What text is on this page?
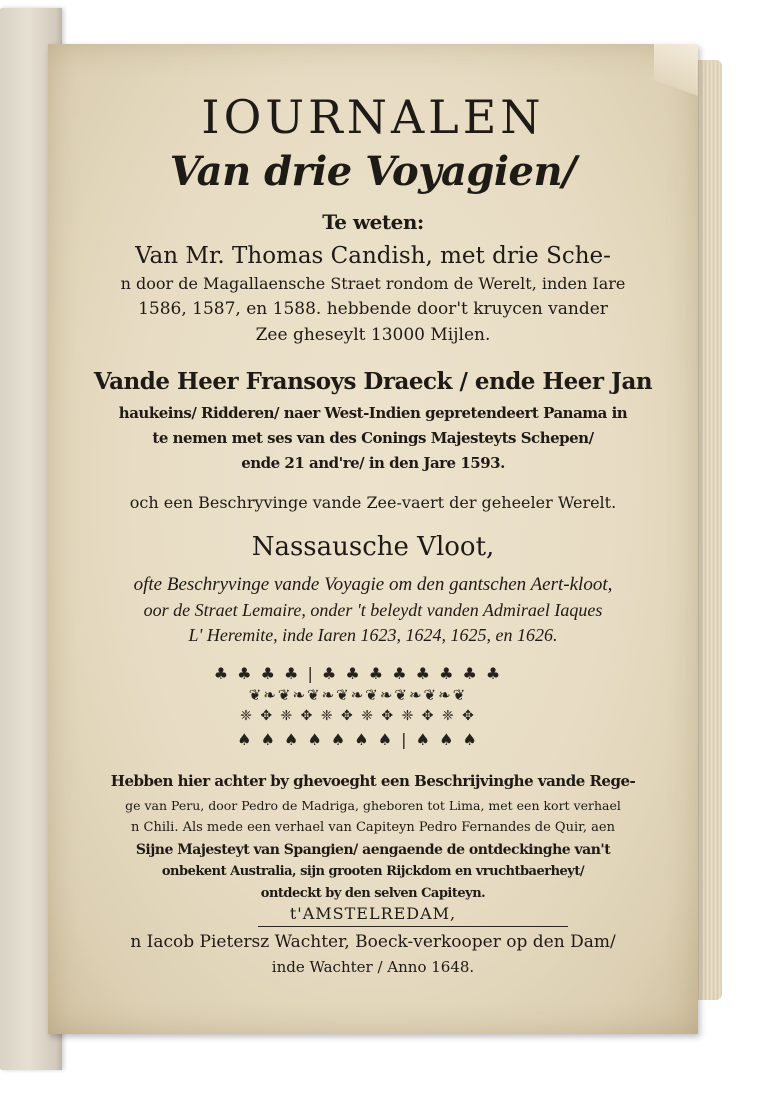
IOURNALEN
Van drie Voyagien/
Te weten:
Van Mr. Thomas Candish, met drie Sche-
n door de Magallaensche Straet rondom de Werelt, inden Iare
1586, 1587, en 1588. hebbende door't kruycen vander
Zee gheseylt 13000 Mijlen.
Vande Heer Fransoys Draeck / ende Heer Jan
haukeins/ Ridderen/ naer West-Indien gepretendeert Panama in
te nemen met ses van des Conings Majesteyts Schepen/
ende 21 and're/ in den Jare 1593.
och een Beschryvinge vande Zee-vaert der geheeler Werelt.
Nassausche Vloot,
ofte Beschryvinge vande Voyagie om den gantschen Aert-kloot,
oor de Straet Lemaire, onder 't beleydt vanden Admirael Iaques
L' Heremite, inde Iaren 1623, 1624, 1625, en 1626.
♣ ♣ ♣ ♣ | ♣ ♣ ♣ ♣ ♣ ♣ ♣ ♣
❦❧❦❧❦❧❦❧❦❧❦❧❦❧❦
❈ ✥ ❈ ✥ ❈ ✥ ❈ ✥ ❈ ✥ ❈ ✥
♠ ♠ ♠ ♠ ♠ ♠ ♠ | ♠ ♠ ♠
Hebben hier achter by ghevoeght een Beschrijvinghe vande Rege-
ge van Peru, door Pedro de Madriga, gheboren tot Lima, met een kort verhael
n Chili. Als mede een verhael van Capiteyn Pedro Fernandes de Quir, aen
Sijne Majesteyt van Spangien/ aengaende de ontdeckinghe van't
onbekent Australia, sijn grooten Rijckdom en vruchtbaerheyt/
ontdeckt by den selven Capiteyn.
t'AMSTELREDAM,
n Iacob Pietersz Wachter, Boeck-verkooper op den Dam/
inde Wachter / Anno 1648.
